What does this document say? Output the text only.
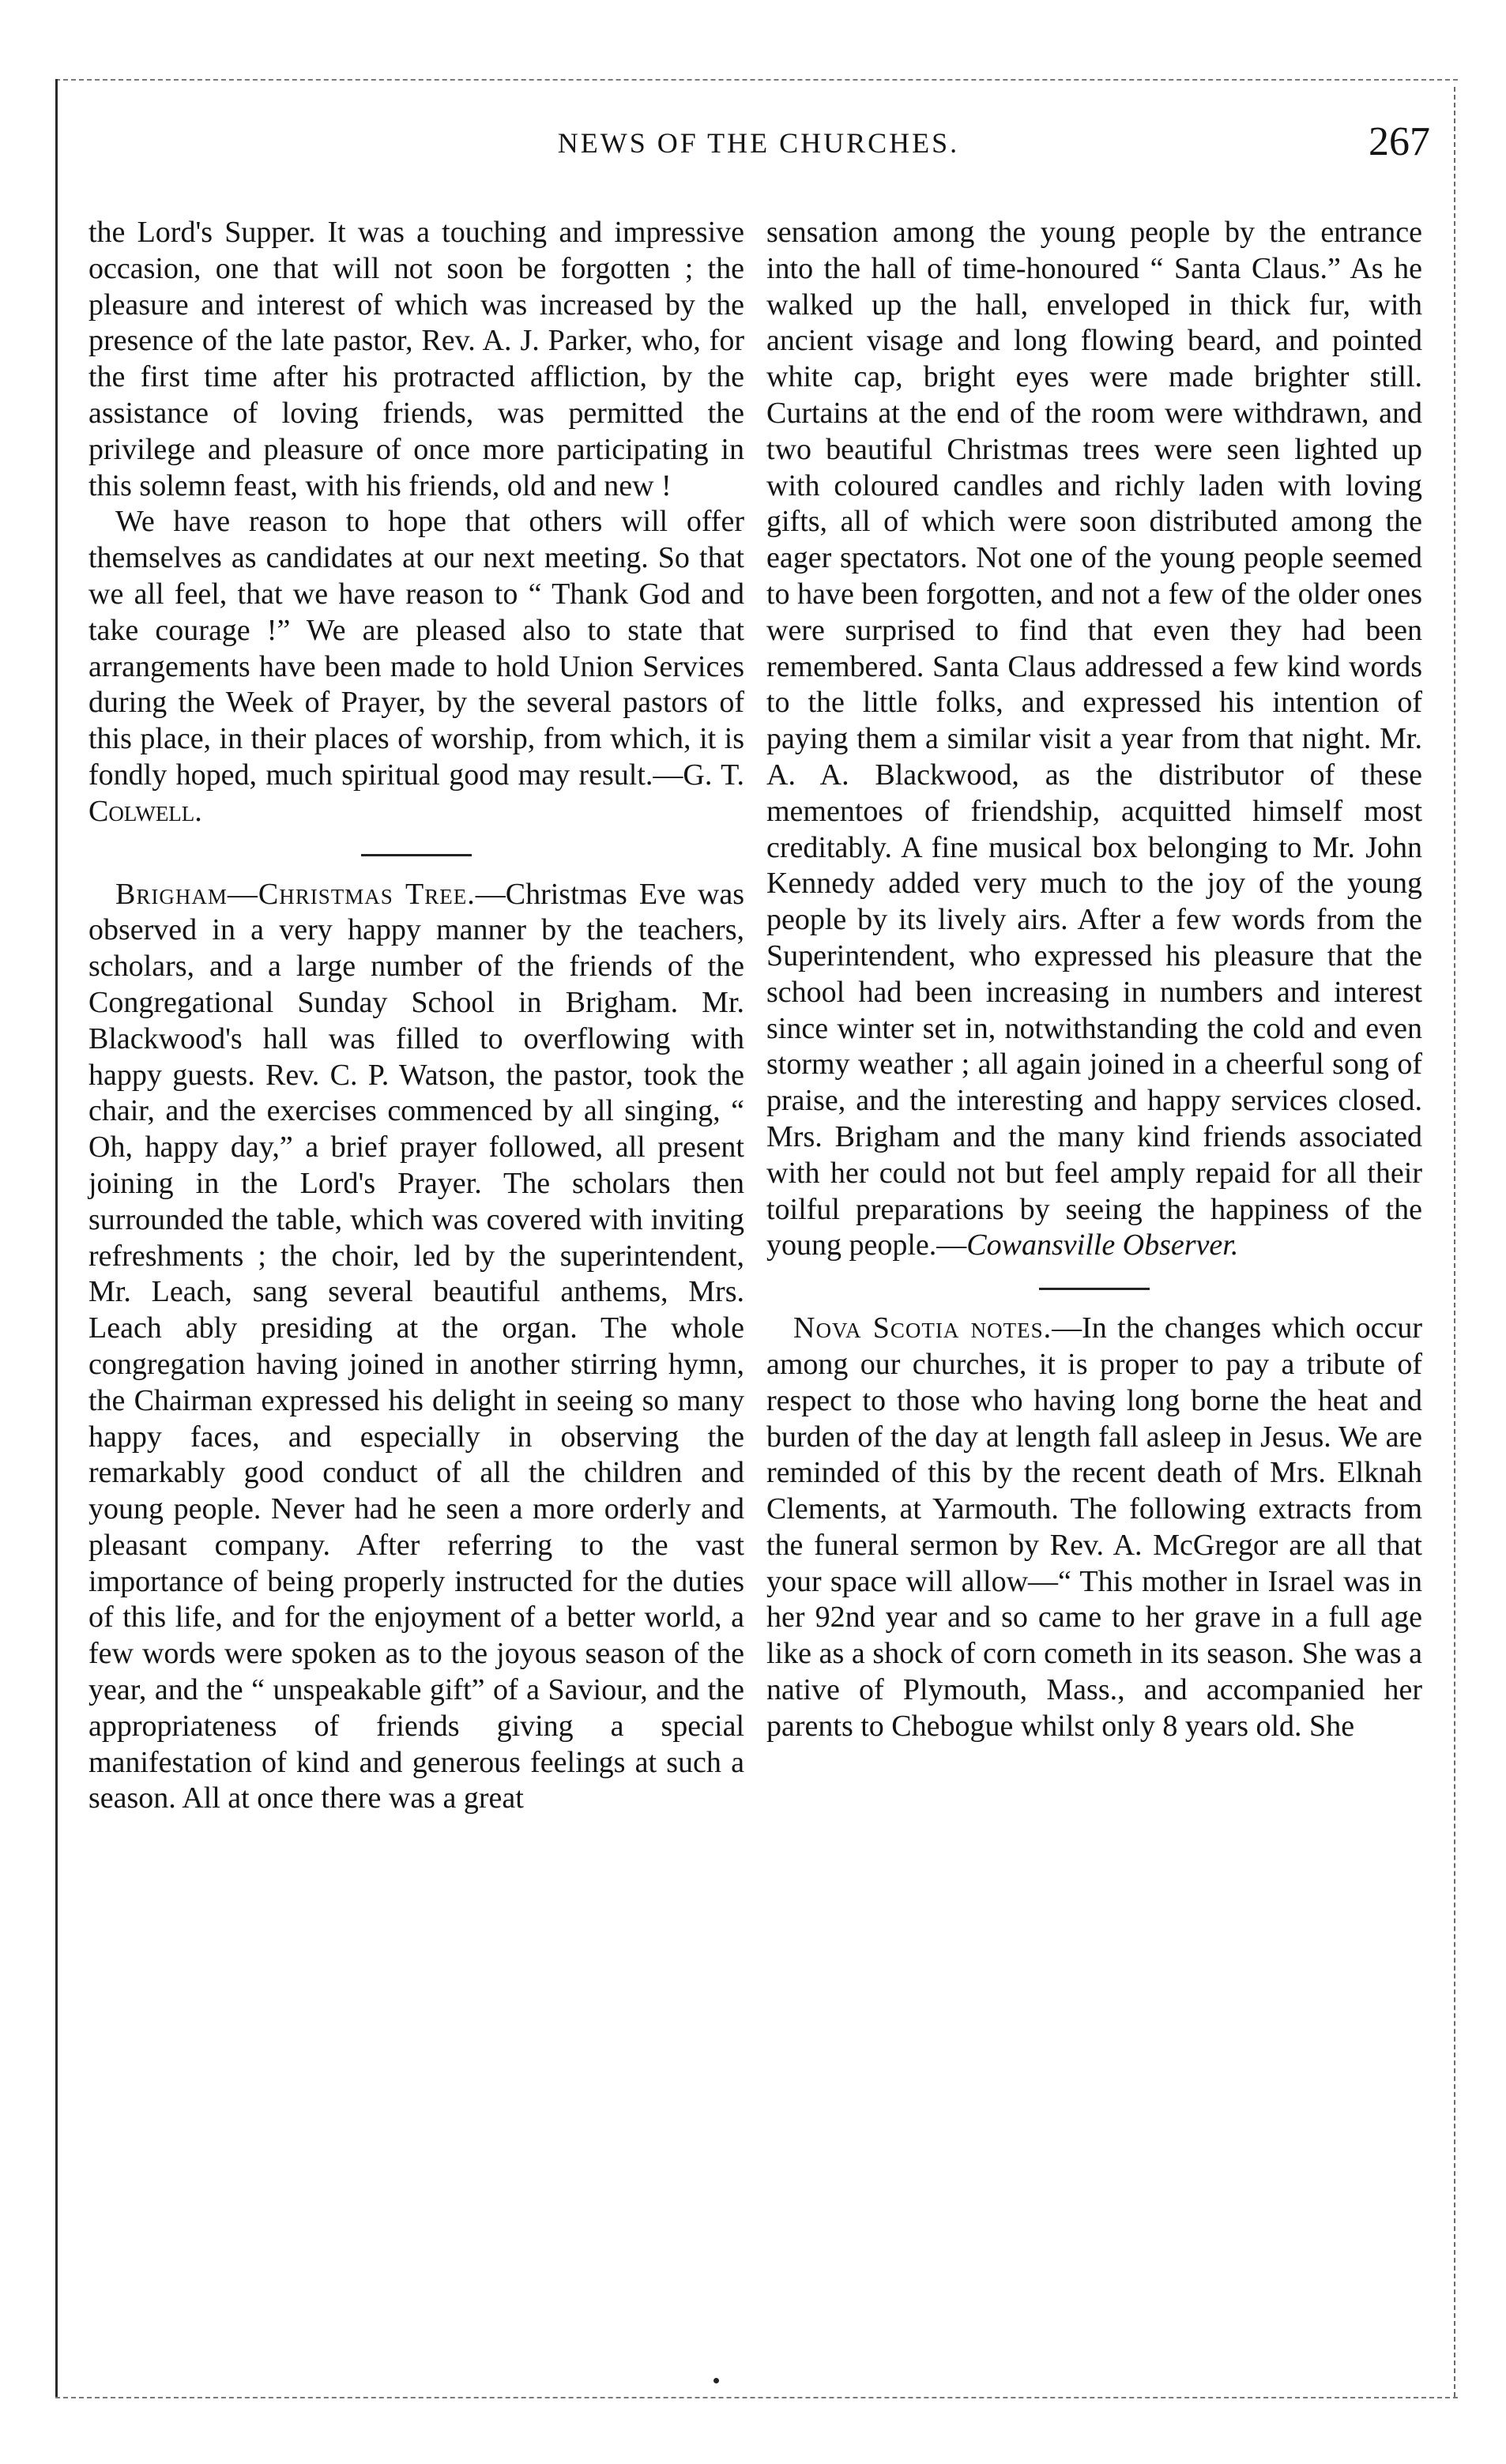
NEWS OF THE CHURCHES.	267

the Lord's Supper. It was a touching and impressive occasion, one that will not soon be forgotten ; the pleasure and interest of which was increased by the presence of the late pastor, Rev. A. J. Parker, who, for the first time after his protracted affliction, by the assistance of loving friends, was permitted the privilege and pleasure of once more participating in this solemn feast, with his friends, old and new !

We have reason to hope that others will offer themselves as candidates at our next meeting. So that we all feel, that we have reason to “ Thank God and take courage !” We are pleased also to state that arrangements have been made to hold Union Services during the Week of Prayer, by the several pastors of this place, in their places of worship, from which, it is fondly hoped, much spiritual good may result.—G. T. Colwell.

Brigham—Christmas Tree.—Christmas Eve was observed in a very happy manner by the teachers, scholars, and a large number of the friends of the Congregational Sunday School in Brigham. Mr. Blackwood's hall was filled to overflowing with happy guests. Rev. C. P. Watson, the pastor, took the chair, and the exercises commenced by all singing, “ Oh, happy day,” a brief prayer followed, all present joining in the Lord's Prayer. The scholars then surrounded the table, which was covered with inviting refreshments ; the choir, led by the superintendent, Mr. Leach, sang several beautiful anthems, Mrs. Leach ably presiding at the organ. The whole congregation having joined in another stirring hymn, the Chairman expressed his delight in seeing so many happy faces, and especially in observing the remarkably good conduct of all the children and young people. Never had he seen a more orderly and pleasant company. After referring to the vast importance of being properly instructed for the duties of this life, and for the enjoyment of a better world, a few words were spoken as to the joyous season of the year, and the “ unspeakable gift” of a Saviour, and the appropriateness of friends giving a special manifestation of kind and generous feelings at such a season. All at once there was a great

sensation among the young people by the entrance into the hall of time-honoured “ Santa Claus.” As he walked up the hall, enveloped in thick fur, with ancient visage and long flowing beard, and pointed white cap, bright eyes were made brighter still. Curtains at the end of the room were withdrawn, and two beautiful Christmas trees were seen lighted up with coloured candles and richly laden with loving gifts, all of which were soon distributed among the eager spectators. Not one of the young people seemed to have been forgotten, and not a few of the older ones were surprised to find that even they had been remembered. Santa Claus addressed a few kind words to the little folks, and expressed his intention of paying them a similar visit a year from that night. Mr. A. A. Blackwood, as the distributor of these mementoes of friendship, acquitted himself most creditably. A fine musical box belonging to Mr. John Kennedy added very much to the joy of the young people by its lively airs. After a few words from the Superintendent, who expressed his pleasure that the school had been increasing in numbers and interest since winter set in, notwithstanding the cold and even stormy weather ; all again joined in a cheerful song of praise, and the interesting and happy services closed. Mrs. Brigham and the many kind friends associated with her could not but feel amply repaid for all their toilful preparations by seeing the happiness of the young people.—Cowansville Observer.

Nova Scotia notes.—In the changes which occur among our churches, it is proper to pay a tribute of respect to those who having long borne the heat and burden of the day at length fall asleep in Jesus. We are reminded of this by the recent death of Mrs. Elknah Clements, at Yarmouth. The following extracts from the funeral sermon by Rev. A. McGregor are all that your space will allow—“ This mother in Israel was in her 92nd year and so came to her grave in a full age like as a shock of corn cometh in its season. She was a native of Plymouth, Mass., and accompanied her parents to Chebogue whilst only 8 years old. She
